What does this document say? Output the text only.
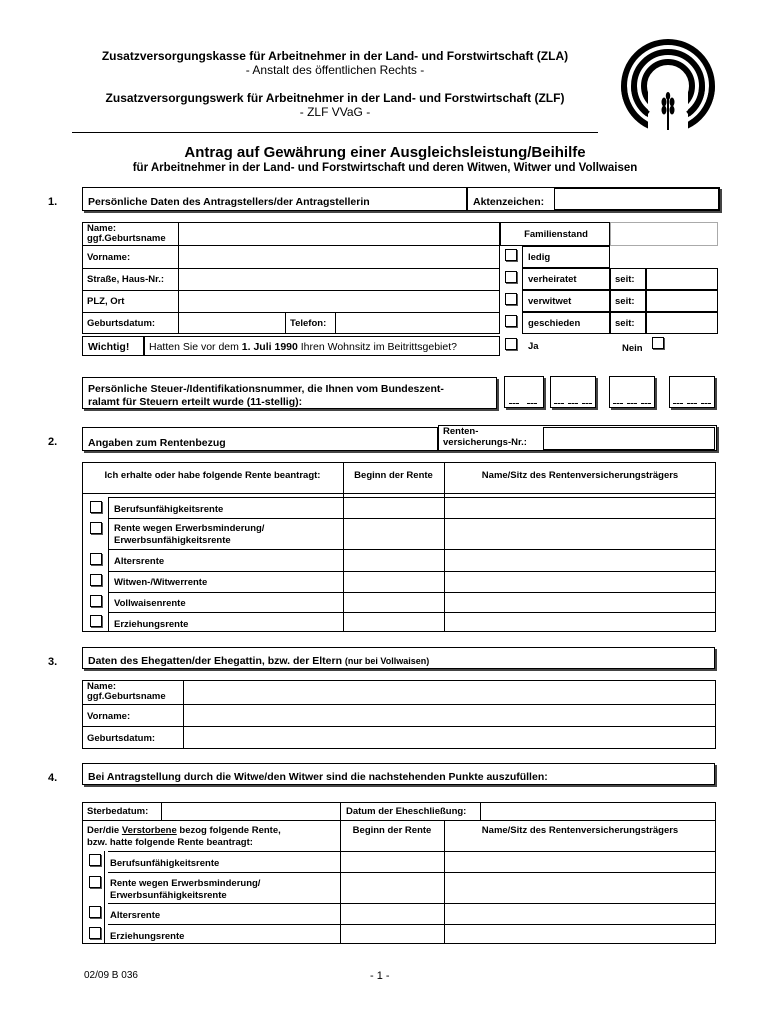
Zusatzversorgungskasse für Arbeitnehmer in der Land- und Forstwirtschaft (ZLA)
- Anstalt des öffentlichen Rechts -
Zusatzversorgungswerk für Arbeitnehmer in der Land- und Forstwirtschaft (ZLF)
- ZLF VVaG -
Antrag auf Gewährung einer Ausgleichsleistung/Beihilfe
für Arbeitnehmer in der Land- und Forstwirtschaft und deren Witwen, Witwer und Vollwaisen
1.	Persönliche Daten des Antragstellers/der Antragstellerin	Aktenzeichen:
Name:
ggf.Geburtsname
Vorname:
Straße, Haus-Nr.:
PLZ, Ort
Geburtsdatum:	Telefon:
Familienstand
ledig
verheiratet	seit:
verwitwet	seit:
geschieden	seit:
Wichtig! Hatten Sie vor dem 1. Juli 1990 Ihren Wohnsitz im Beitrittsgebiet?	Ja	Nein
Persönliche Steuer-/Identifikationsnummer, die Ihnen vom Bundeszent-
ralamt für Steuern erteilt wurde (11-stellig):
2.	Angaben zum Rentenbezug
Renten-
versicherungs-Nr.:
Ich erhalte oder habe folgende Rente beantragt:	Beginn der Rente	Name/Sitz des Rentenversicherungsträgers
Berufsunfähigkeitsrente
Rente wegen Erwerbsminderung/
Erwerbsunfähigkeitsrente
Altersrente
Witwen-/Witwerrente
Vollwaisenrente
Erziehungsrente
3.	Daten des Ehegatten/der Ehegattin, bzw. der Eltern (nur bei Vollwaisen)
Name:
ggf.Geburtsname
Vorname:
Geburtsdatum:
4.	Bei Antragstellung durch die Witwe/den Witwer sind die nachstehenden Punkte auszufüllen:
Sterbedatum:	Datum der Eheschließung:
Der/die Verstorbene bezog folgende Rente,
bzw. hatte folgende Rente beantragt:
Beginn der Rente	Name/Sitz des Rentenversicherungsträgers
Berufsunfähigkeitsrente
Rente wegen Erwerbsminderung/
Erwerbsunfähigkeitsrente
Altersrente
Erziehungsrente
02/09 B 036	- 1 -
